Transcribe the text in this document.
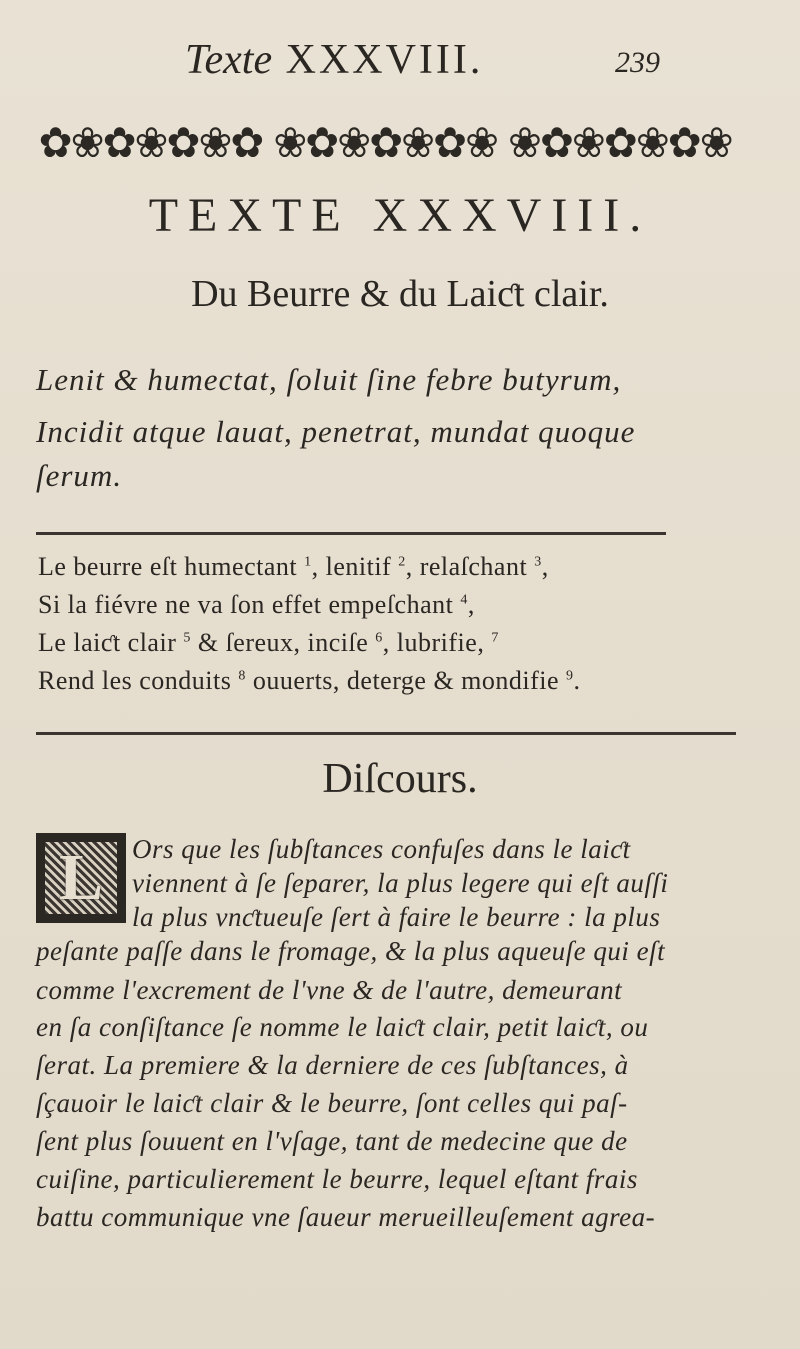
Texte XXXVIII.	239
✿❀✿❀✿❀✿ ❀✿❀✿❀✿❀ ❀✿❀✿❀✿❀
TEXTE XXXVIII.
Du Beurre & du Laiƈt clair.
Lenit & humectat, ſoluit ſine febre butyrum,
Incidit atque lauat, penetrat, mundat quoque
ſerum.
Le beurre eſt humectant $^1$, lenitif $^2$, relaſchant $^3$,
Si la fiévre ne va ſon effet empeſchant $^4$,
Le laiƈt clair $^5$ & ſereux, inciſe $^6$, lubrifie, $^7$
Rend les conduits $^8$ ouuerts, deterge & mondifie $^9$.
Diſcours.
L Ors que les ſubſtances confuſes dans le laiƈt
viennent à ſe ſeparer, la plus legere qui eſt auſſi
la plus vnƈtueuſe ſert à faire le beurre : la plus
peſante paſſe dans le fromage, & la plus aqueuſe qui eſt
comme l'excrement de l'vne & de l'autre, demeurant
en ſa conſiſtance ſe nomme le laiƈt clair, petit laiƈt, ou
ſerat. La premiere & la derniere de ces ſubſtances, à
ſçauoir le laiƈt clair & le beurre, ſont celles qui paſ-
ſent plus ſouuent en l'vſage, tant de medecine que de
cuiſine, particulierement le beurre, lequel eſtant frais
battu communique vne ſaueur merueilleuſement agrea-
